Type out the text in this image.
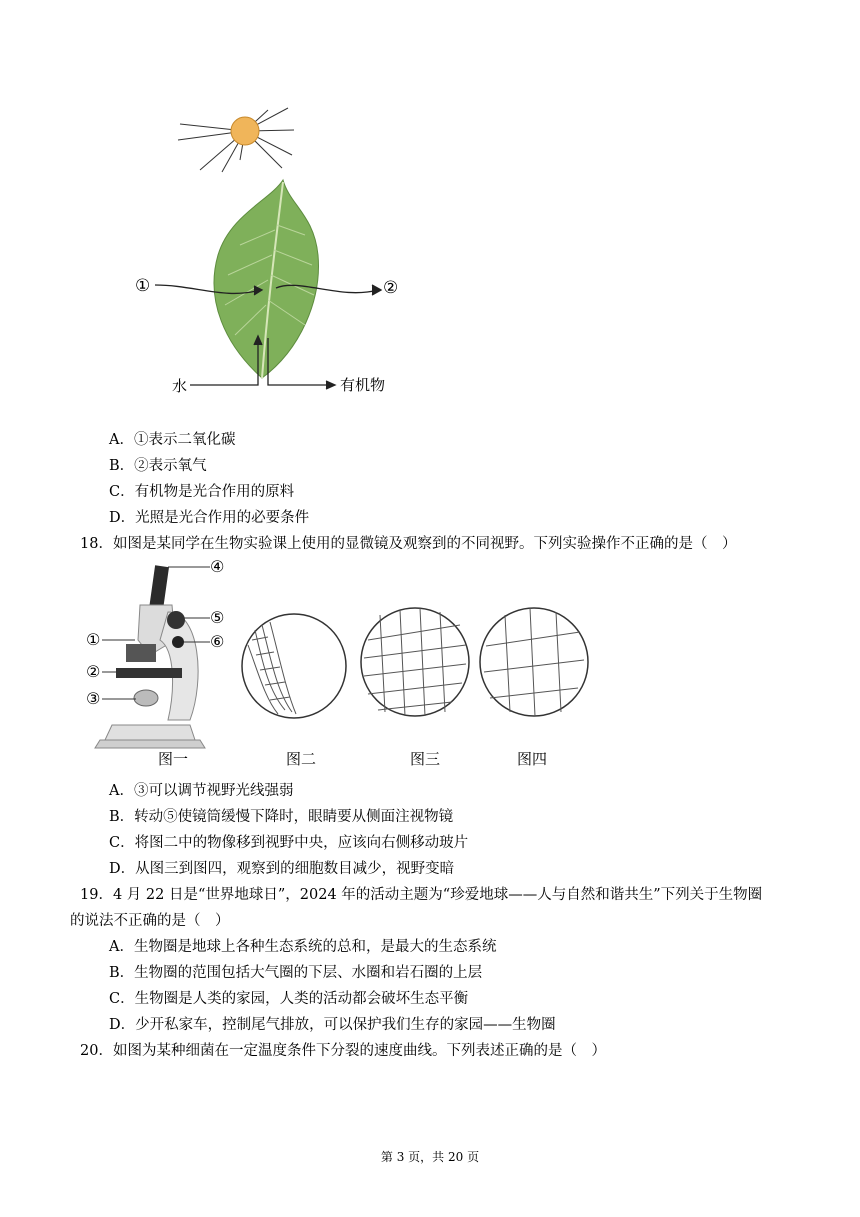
①	②
水	有机物
A．①表示二氧化碳
B．②表示氧气
C．有机物是光合作用的原料
D．光照是光合作用的必要条件
18．如图是某同学在生物实验课上使用的显微镜及观察到的不同视野。下列实验操作不正确的是（　）
④
⑤
⑥
①
②
③
图一	图二	图三	图四
A．③可以调节视野光线强弱
B．转动⑤使镜筒缓慢下降时，眼睛要从侧面注视物镜
C．将图二中的物像移到视野中央，应该向右侧移动玻片
D．从图三到图四，观察到的细胞数目减少，视野变暗
19．4 月 22 日是“世界地球日”，2024 年的活动主题为“珍爱地球——人与自然和谐共生”下列关于生物圈
的说法不正确的是（　）
A．生物圈是地球上各种生态系统的总和，是最大的生态系统
B．生物圈的范围包括大气圈的下层、水圈和岩石圈的上层
C．生物圈是人类的家园，人类的活动都会破坏生态平衡
D．少开私家车，控制尾气排放，可以保护我们生存的家园——生物圈
20．如图为某种细菌在一定温度条件下分裂的速度曲线。下列表述正确的是（　）
第 3 页，共 20 页
